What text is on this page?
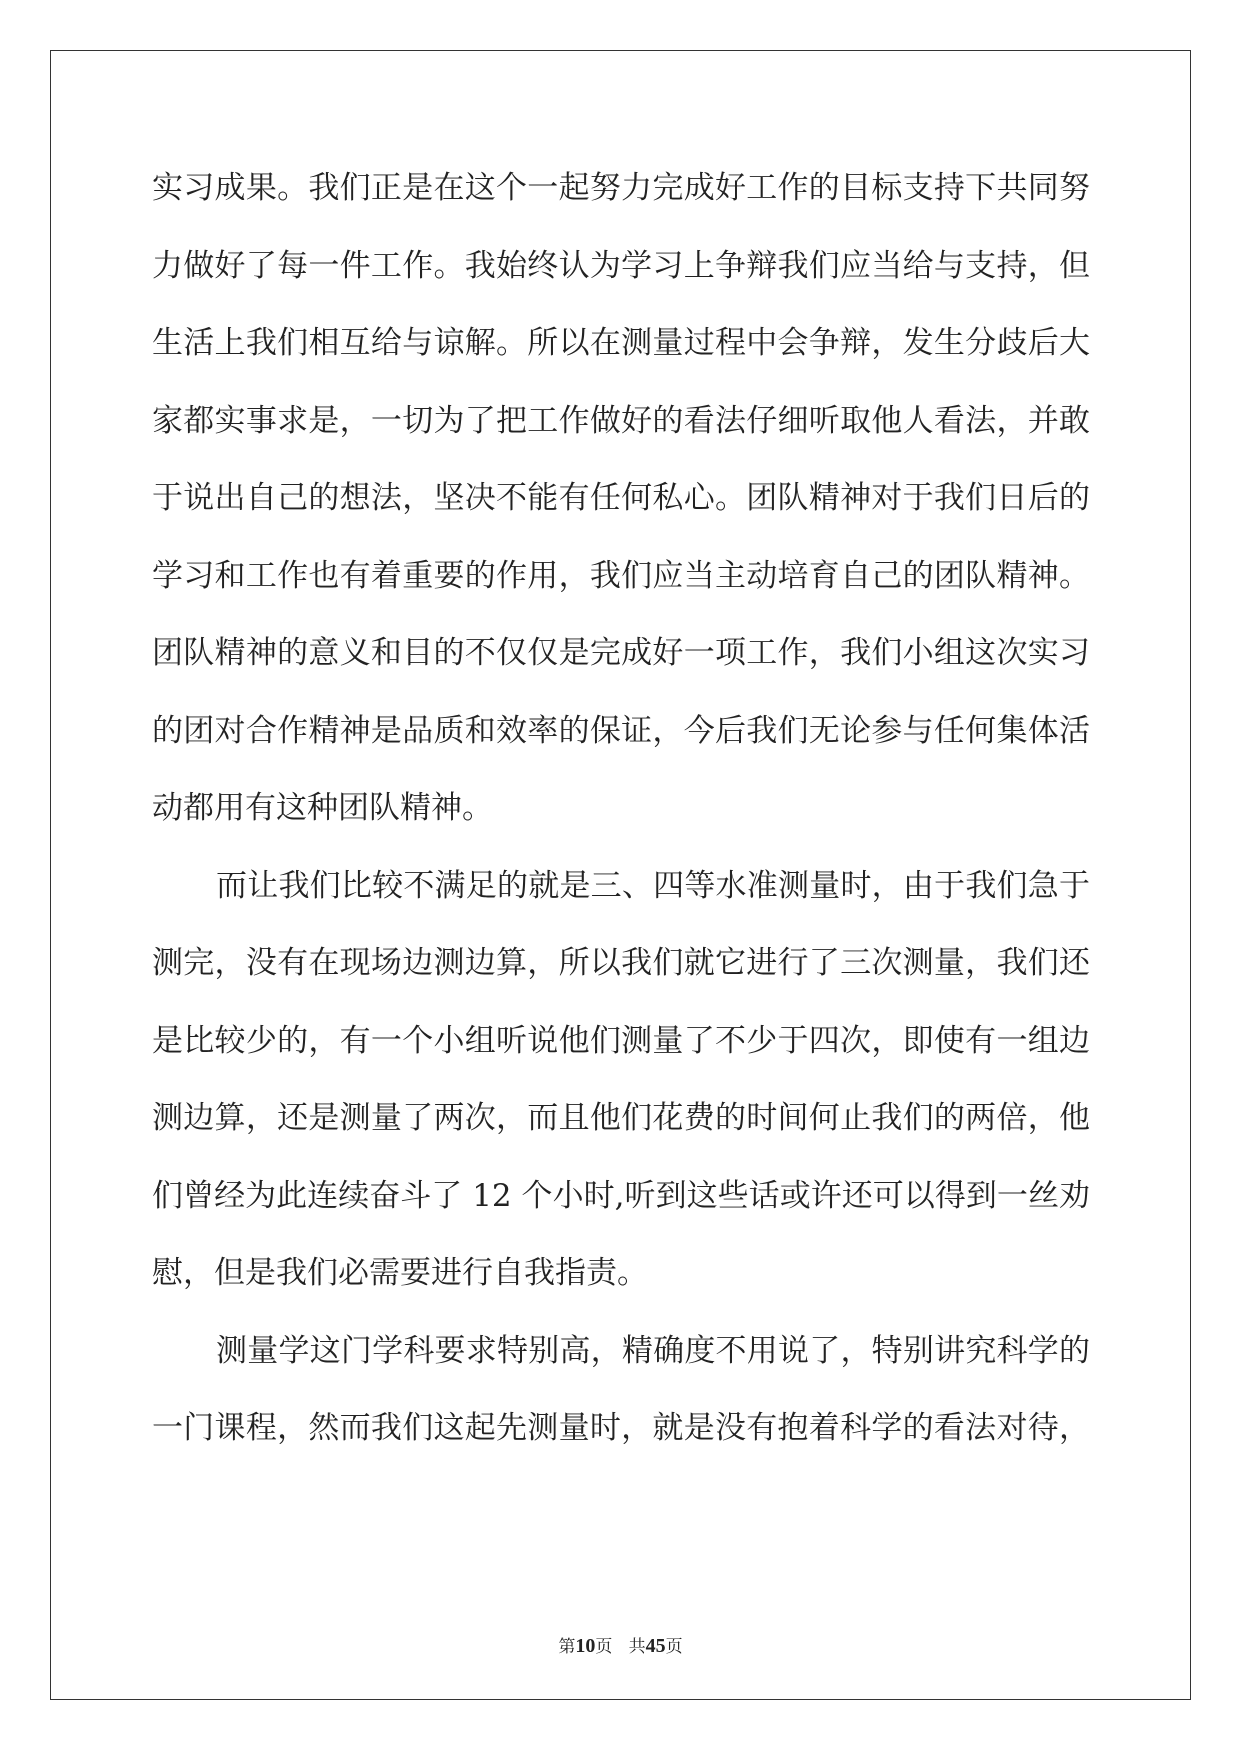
实习成果。我们正是在这个一起努力完成好工作的目标支持下共同努
力做好了每一件工作。我始终认为学习上争辩我们应当给与支持，但
生活上我们相互给与谅解。所以在测量过程中会争辩，发生分歧后大
家都实事求是，一切为了把工作做好的看法仔细听取他人看法，并敢
于说出自己的想法，坚决不能有任何私心。团队精神对于我们日后的
学习和工作也有着重要的作用，我们应当主动培育自己的团队精神。
团队精神的意义和目的不仅仅是完成好一项工作，我们小组这次实习
的团对合作精神是品质和效率的保证，今后我们无论参与任何集体活
动都用有这种团队精神。
而让我们比较不满足的就是三、四等水准测量时，由于我们急于
测完，没有在现场边测边算，所以我们就它进行了三次测量，我们还
是比较少的，有一个小组听说他们测量了不少于四次，即使有一组边
测边算，还是测量了两次，而且他们花费的时间何止我们的两倍，他
们曾经为此连续奋斗了 12 个小时,听到这些话或许还可以得到一丝劝
慰，但是我们必需要进行自我指责。
测量学这门学科要求特别高，精确度不用说了，特别讲究科学的
一门课程，然而我们这起先测量时，就是没有抱着科学的看法对待，
第10页 共45页
